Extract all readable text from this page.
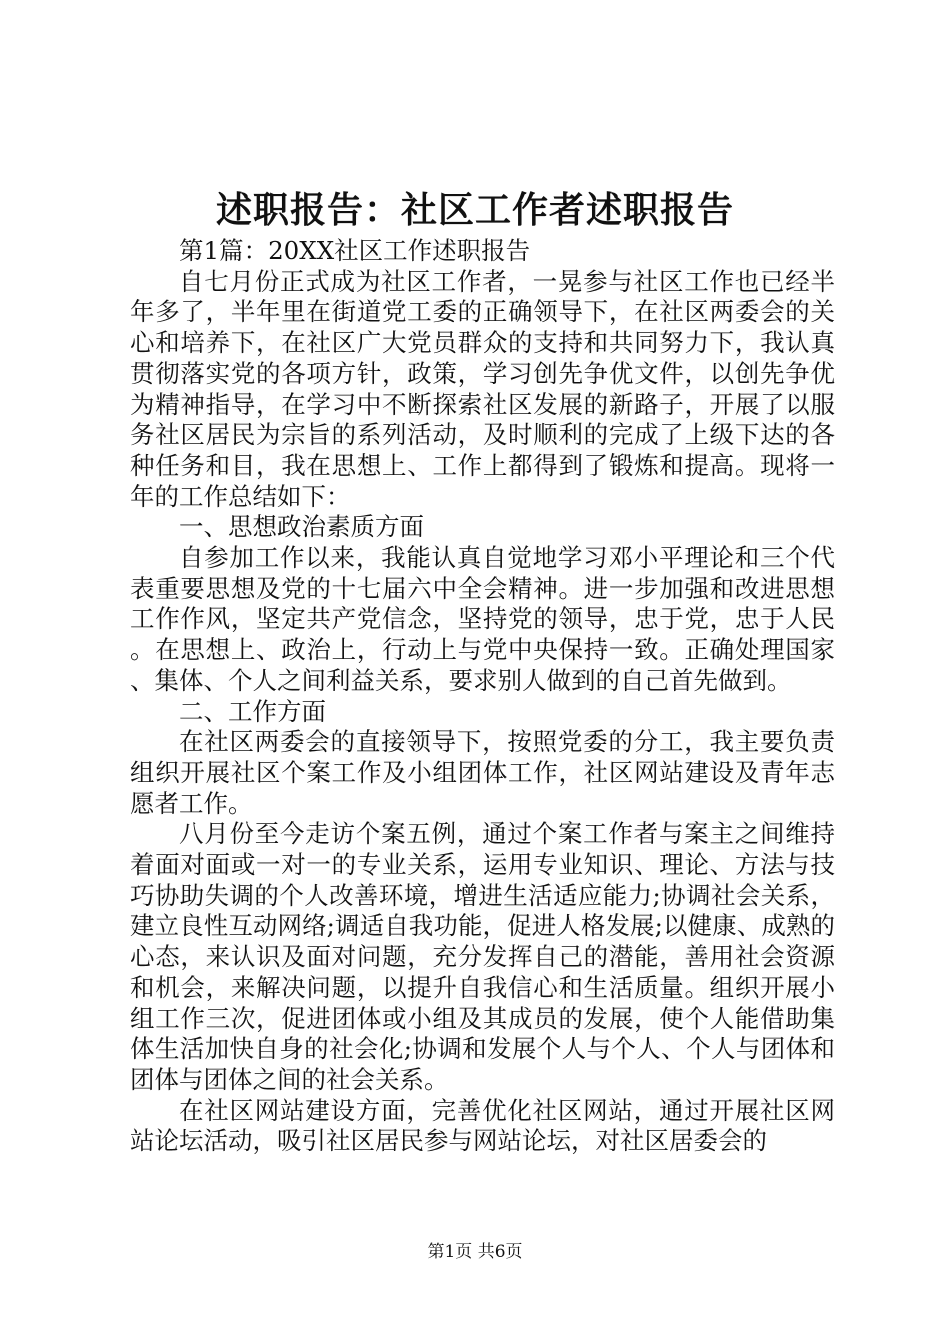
述职报告：社区工作者述职报告

第1篇：20XX社区工作述职报告

自七月份正式成为社区工作者，一晃参与社区工作也已经半年多了，半年里在街道党工委的正确领导下，在社区两委会的关心和培养下，在社区广大党员群众的支持和共同努力下，我认真贯彻落实党的各项方针，政策，学习创先争优文件，以创先争优为精神指导，在学习中不断探索社区发展的新路子，开展了以服务社区居民为宗旨的系列活动，及时顺利的完成了上级下达的各种任务和目，我在思想上、工作上都得到了锻炼和提高。现将一年的工作总结如下：

一、思想政治素质方面

自参加工作以来，我能认真自觉地学习邓小平理论和三个代表重要思想及党的十七届六中全会精神。进一步加强和改进思想工作作风，坚定共产党信念，坚持党的领导，忠于党，忠于人民。在思想上、政治上，行动上与党中央保持一致。正确处理国家、集体、个人之间利益关系，要求别人做到的自己首先做到。

二、工作方面

在社区两委会的直接领导下，按照党委的分工，我主要负责组织开展社区个案工作及小组团体工作，社区网站建设及青年志愿者工作。

八月份至今走访个案五例，通过个案工作者与案主之间维持着面对面或一对一的专业关系，运用专业知识、理论、方法与技巧协助失调的个人改善环境，增进生活适应能力;协调社会关系，建立良性互动网络;调适自我功能，促进人格发展;以健康、成熟的心态，来认识及面对问题，充分发挥自己的潜能，善用社会资源和机会，来解决问题，以提升自我信心和生活质量。组织开展小组工作三次，促进团体或小组及其成员的发展，使个人能借助集体生活加快自身的社会化;协调和发展个人与个人、个人与团体和团体与团体之间的社会关系。

在社区网站建设方面，完善优化社区网站，通过开展社区网站论坛活动，吸引社区居民参与网站论坛，对社区居委会的

第1页 共6页
